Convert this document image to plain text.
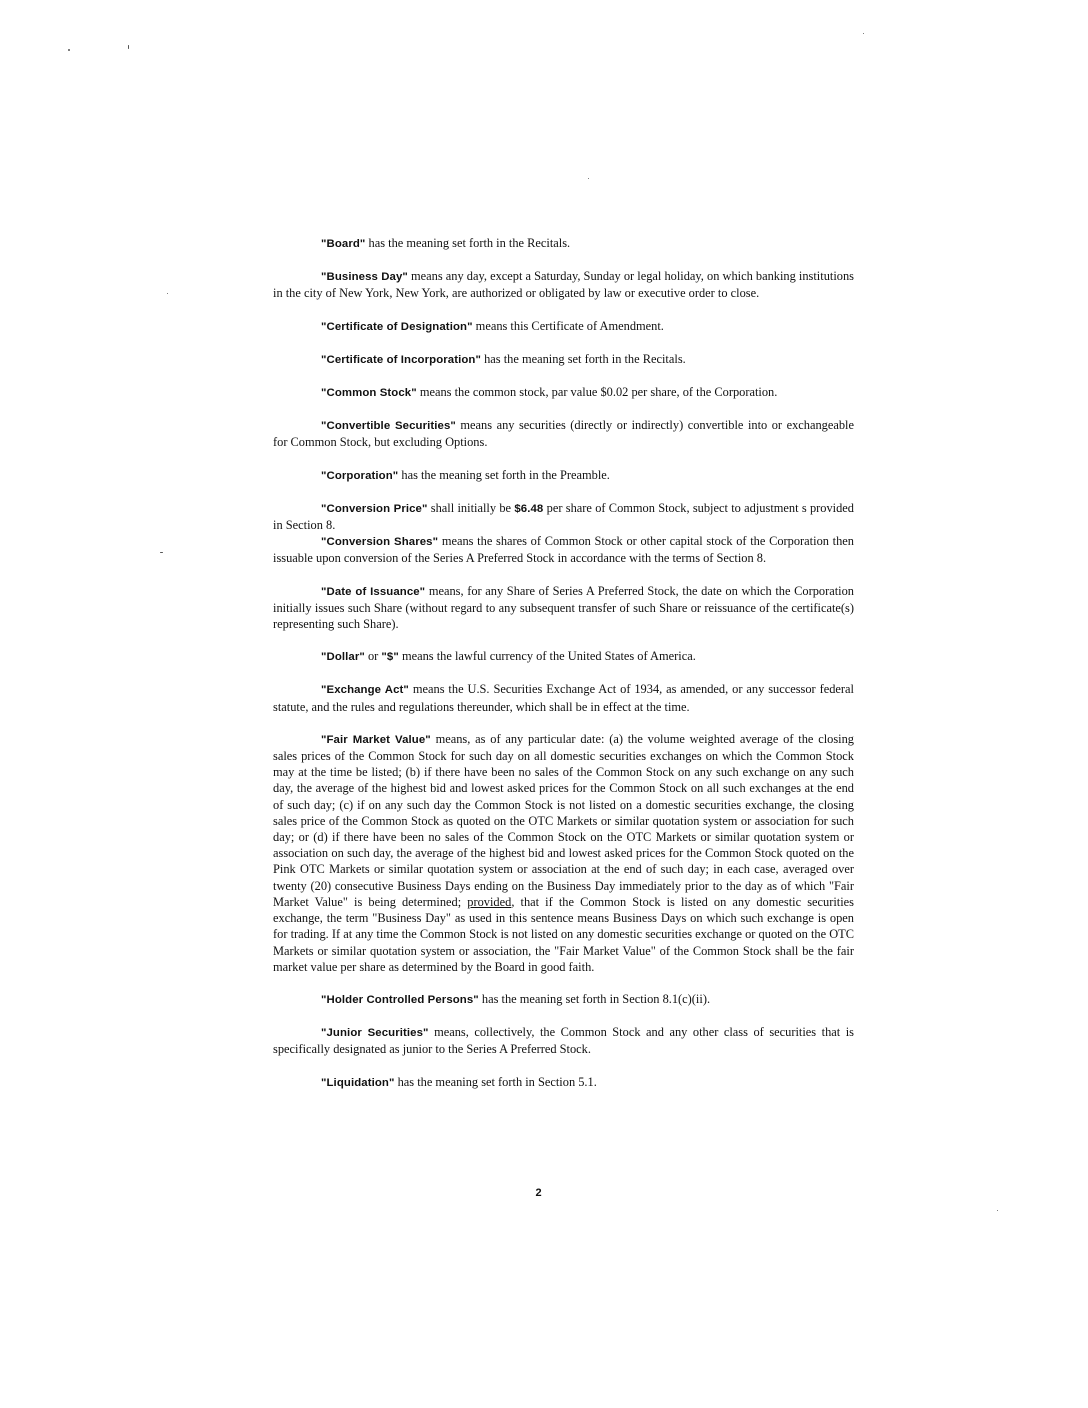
"Board" has the meaning set forth in the Recitals.

"Business Day" means any day, except a Saturday, Sunday or legal holiday, on which banking institutions in the city of New York, New York, are authorized or obligated by law or executive order to close.

"Certificate of Designation" means this Certificate of Amendment.

"Certificate of Incorporation" has the meaning set forth in the Recitals.

"Common Stock" means the common stock, par value $0.02 per share, of the Corporation.

"Convertible Securities" means any securities (directly or indirectly) convertible into or exchangeable for Common Stock, but excluding Options.

"Corporation" has the meaning set forth in the Preamble.

"Conversion Price" shall initially be $6.48 per share of Common Stock, subject to adjustment s provided in Section 8.

"Conversion Shares" means the shares of Common Stock or other capital stock of the Corporation then issuable upon conversion of the Series A Preferred Stock in accordance with the terms of Section 8.

"Date of Issuance" means, for any Share of Series A Preferred Stock, the date on which the Corporation initially issues such Share (without regard to any subsequent transfer of such Share or reissuance of the certificate(s) representing such Share).

"Dollar" or "$" means the lawful currency of the United States of America.

"Exchange Act" means the U.S. Securities Exchange Act of 1934, as amended, or any successor federal statute, and the rules and regulations thereunder, which shall be in effect at the time.

"Fair Market Value" means, as of any particular date: (a) the volume weighted average of the closing sales prices of the Common Stock for such day on all domestic securities exchanges on which the Common Stock may at the time be listed; (b) if there have been no sales of the Common Stock on any such exchange on any such day, the average of the highest bid and lowest asked prices for the Common Stock on all such exchanges at the end of such day; (c) if on any such day the Common Stock is not listed on a domestic securities exchange, the closing sales price of the Common Stock as quoted on the OTC Markets or similar quotation system or association for such day; or (d) if there have been no sales of the Common Stock on the OTC Markets or similar quotation system or association on such day, the average of the highest bid and lowest asked prices for the Common Stock quoted on the Pink OTC Markets or similar quotation system or association at the end of such day; in each case, averaged over twenty (20) consecutive Business Days ending on the Business Day immediately prior to the day as of which "Fair Market Value" is being determined; provided, that if the Common Stock is listed on any domestic securities exchange, the term "Business Day" as used in this sentence means Business Days on which such exchange is open for trading. If at any time the Common Stock is not listed on any domestic securities exchange or quoted on the OTC Markets or similar quotation system or association, the "Fair Market Value" of the Common Stock shall be the fair market value per share as determined by the Board in good faith.

"Holder Controlled Persons" has the meaning set forth in Section 8.1(c)(ii).

"Junior Securities" means, collectively, the Common Stock and any other class of securities that is specifically designated as junior to the Series A Preferred Stock.

"Liquidation" has the meaning set forth in Section 5.1.

2
